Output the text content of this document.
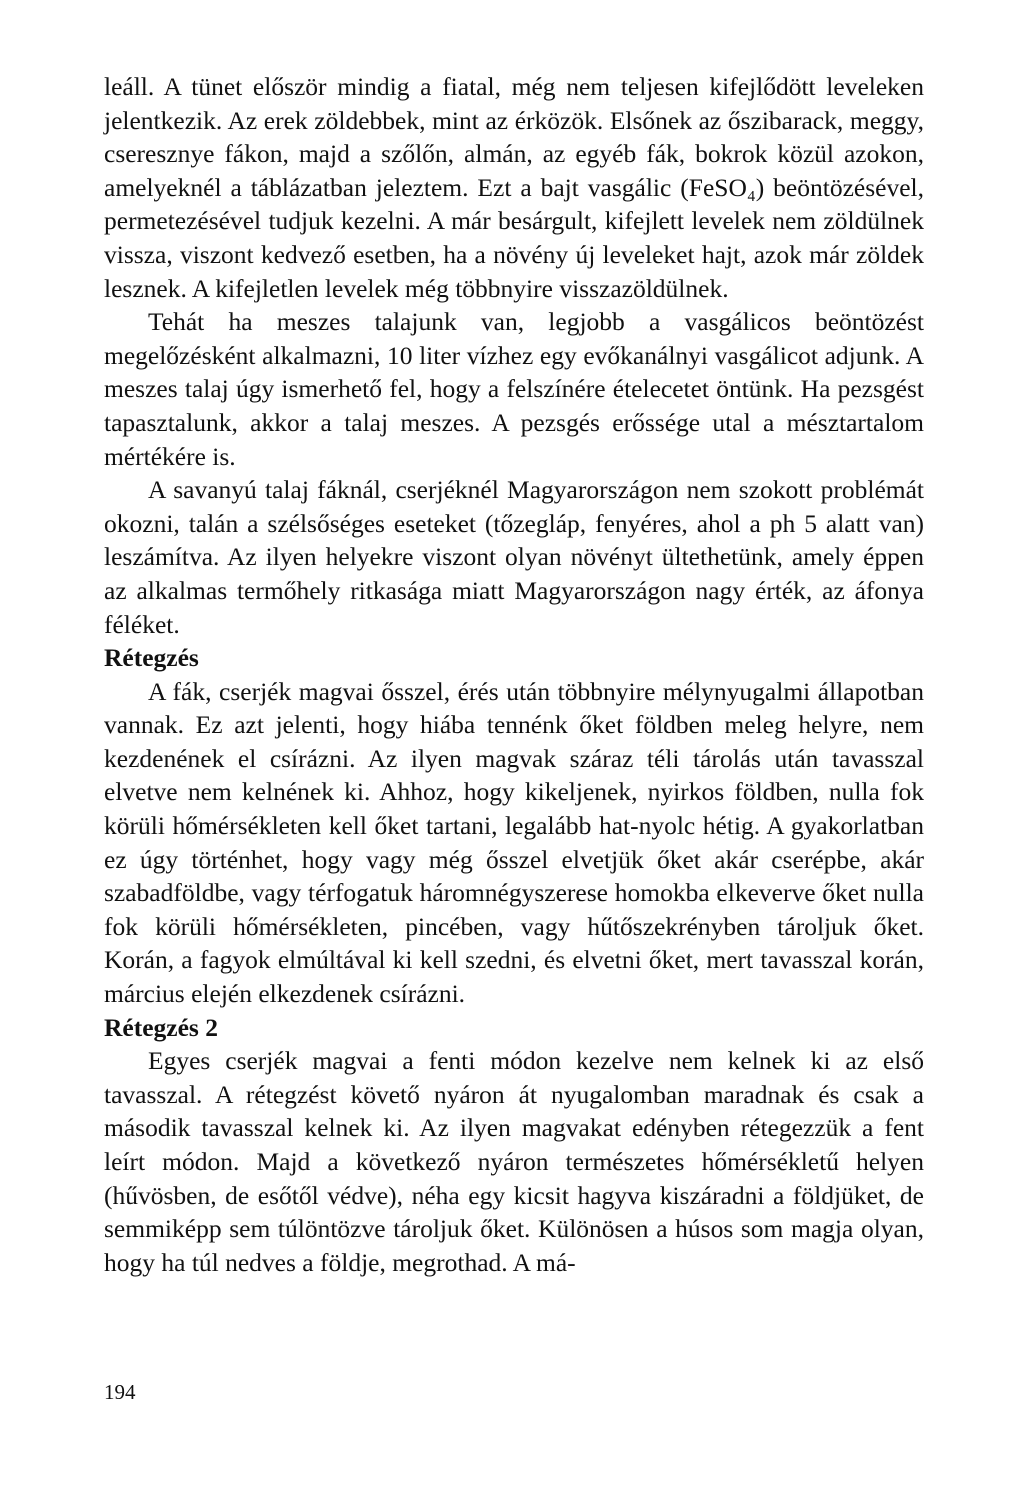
leáll. A tünet először mindig a fiatal, még nem teljesen kifejlődött leveleken jelentkezik. Az erek zöldebbek, mint az érközök. Elsőnek az őszibarack, meggy, cseresznye fákon, majd a szőlőn, almán, az egyéb fák, bokrok közül azokon, amelyeknél a táblázatban jeleztem. Ezt a bajt vasgálic (FeSO₄) beöntözésével, permetezésével tudjuk kezelni. A már besárgult, kifejlett levelek nem zöldülnek vissza, viszont kedvező esetben, ha a növény új leveleket hajt, azok már zöldek lesznek. A kifejletlen levelek még többnyire visszazöldülnek.

Tehát ha meszes talajunk van, legjobb a vasgálicos beöntözést megelőzésként alkalmazni, 10 liter vízhez egy evőkanálnyi vasgálicot adjunk. A meszes talaj úgy ismerhető fel, hogy a felszínére ételecetet öntünk. Ha pezsgést tapasztalunk, akkor a talaj meszes. A pezsgés erőssége utal a mésztartalom mértékére is.

A savanyú talaj fáknál, cserjéknél Magyarországon nem szokott problémát okozni, talán a szélsőséges eseteket (tőzegláp, fenyéres, ahol a ph 5 alatt van) leszámítva. Az ilyen helyekre viszont olyan növényt ültethetünk, amely éppen az alkalmas termőhely ritkasága miatt Magyarországon nagy érték, az áfonya féléket.

Rétegzés

A fák, cserjék magvai ősszel, érés után többnyire mélynyugalmi állapotban vannak. Ez azt jelenti, hogy hiába tennénk őket földben meleg helyre, nem kezdenének el csírázni. Az ilyen magvak száraz téli tárolás után tavasszal elvetve nem kelnének ki. Ahhoz, hogy kikeljenek, nyirkos földben, nulla fok körüli hőmérsékleten kell őket tartani, legalább hat-nyolc hétig. A gyakorlatban ez úgy történhet, hogy vagy még ősszel elvetjük őket akár cserépbe, akár szabadföldbe, vagy térfogatuk háromnégyszerese homokba elkeverve őket nulla fok körüli hőmérsékleten, pincében, vagy hűtőszekrényben tároljuk őket. Korán, a fagyok elmúltával ki kell szedni, és elvetni őket, mert tavasszal korán, március elején elkezdenek csírázni.

Rétegzés 2

Egyes cserjék magvai a fenti módon kezelve nem kelnek ki az első tavasszal. A rétegzést követő nyáron át nyugalomban maradnak és csak a második tavasszal kelnek ki. Az ilyen magvakat edényben rétegezzük a fent leírt módon. Majd a következő nyáron természetes hőmérsékletű helyen (hűvösben, de esőtől védve), néha egy kicsit hagyva kiszáradni a földjüket, de semmiképp sem túlöntözve tároljuk őket. Különösen a húsos som magja olyan, hogy ha túl nedves a földje, megrothad. A má-

194
